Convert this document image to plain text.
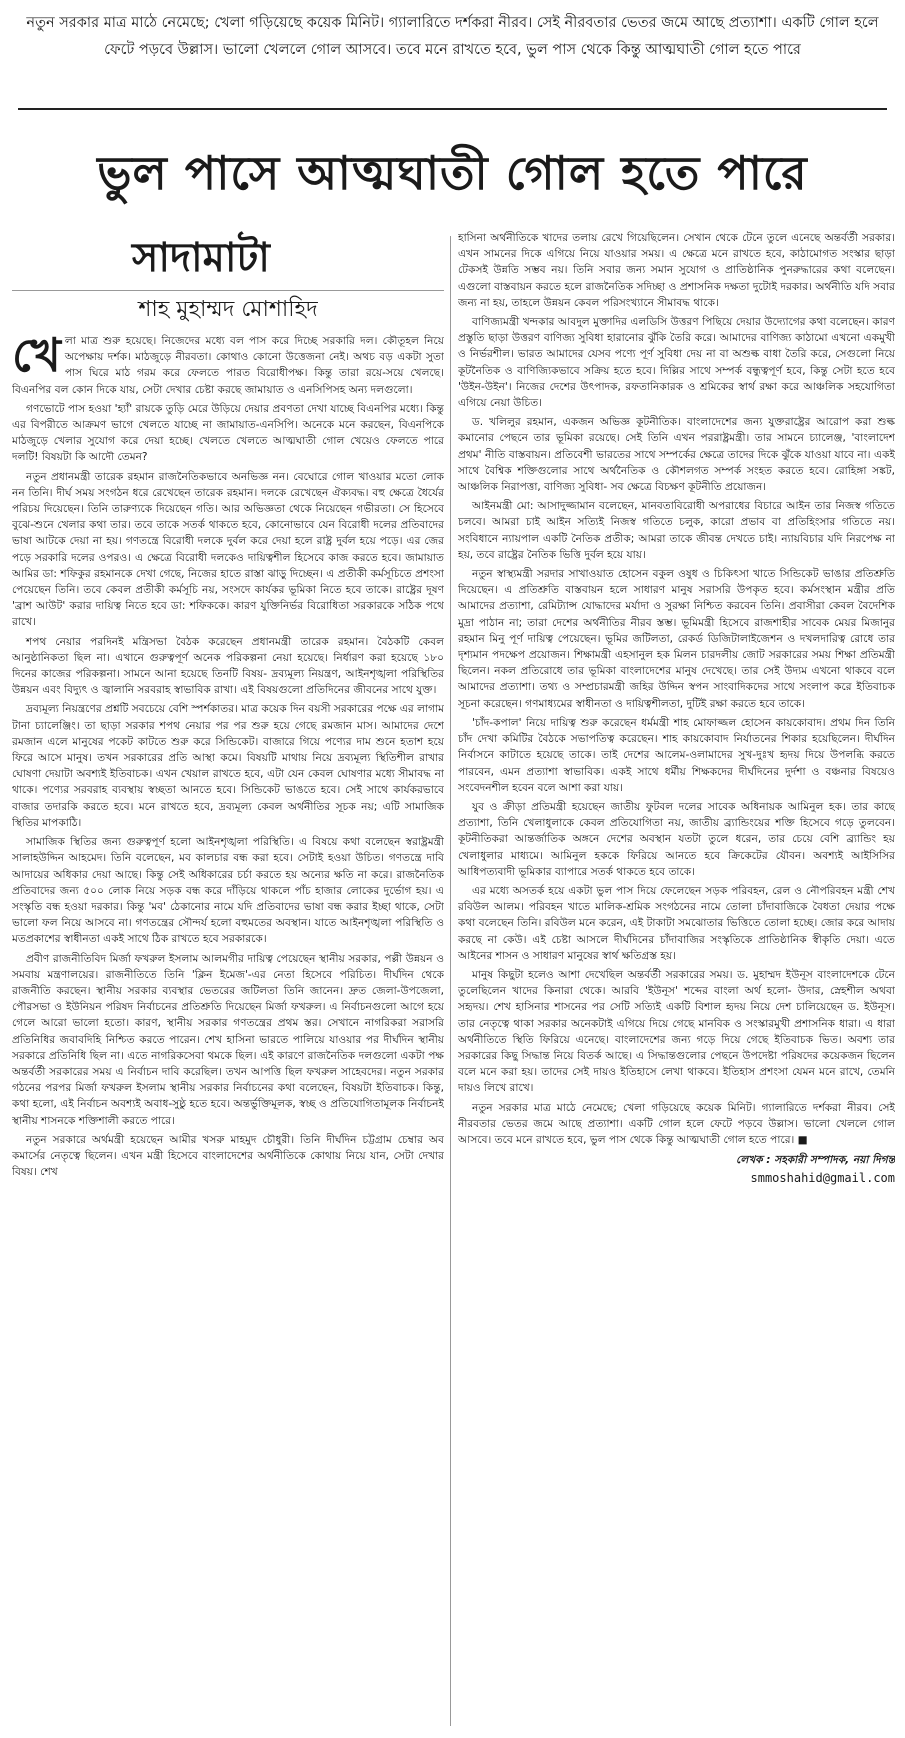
নতুন সরকার মাত্র মাঠে নেমেছে; খেলা গড়িয়েছে কয়েক মিনিট। গ্যালারিতে দর্শকরা নীরব। সেই নীরবতার ভেতর জমে আছে প্রত্যাশা। একটি গোল হলে ফেটে পড়বে উল্লাস। ভালো খেললে গোল আসবে। তবে মনে রাখতে হবে, ভুল পাস থেকে কিন্তু আত্মঘাতী গোল হতে পারে

ভুল পাসে আত্মঘাতী গোল হতে পারে
সাদামাটা
শাহ মুহাম্মদ মোশাহিদ

খেলা মাত্র শুরু হয়েছে। নিজেদের মধ্যে বল পাস করে দিচ্ছে সরকারি দল। কৌতূহল নিয়ে অপেক্ষায় দর্শক। মাঠজুড়ে নীরবতা। কোথাও কোনো উত্তেজনা নেই। অথচ বড় একটা সুতা পাস ঘিরে মাঠ গরম করে ফেলতে পারত বিরোধীপক্ষ। কিন্তু তারা রয়ে-সয়ে খেলছে। বিএনপির বল কোন দিকে যায়, সেটা দেখার চেষ্টা করছে জামায়াত ও এনসিপিসহ অন্য দলগুলো।

গণভোটে পাস হওয়া 'হ্যাঁ' রায়কে তুড়ি মেরে উড়িয়ে দেয়ার প্রবণতা দেখা যাচ্ছে বিএনপির মধ্যে। কিন্তু এর বিপরীতে আক্রমণ ভাগে খেলতে যাচ্ছে না জামায়াত-এনসিপি। অনেকে মনে করছেন, বিএনপিকে মাঠজুড়ে খেলার সুযোগ করে দেয়া হচ্ছে। খেলতে খেলতে আত্মঘাতী গোল খেয়েও ফেলতে পারে দলটি! বিষয়টা কি আদৌ তেমন?

নতুন প্রধানমন্ত্রী তারেক রহমান রাজনৈতিকভাবে অনভিজ্ঞ নন। বেঘোরে গোল খাওয়ার মতো লোক নন তিনি। দীর্ঘ সময় সংগঠন ধরে রেখেছেন তারেক রহমান। দলকে রেখেছেন ঐক্যবদ্ধ। বহু ক্ষেত্রে ধৈর্যের পরিচয় দিয়েছেন। তিনি তারুণ্যকে দিয়েছেন গতি। আর অভিজ্ঞতা থেকে নিয়েছেন গভীরতা। সে হিসেবে বুঝে-শুনে খেলার কথা তার। তবে তাকে সতর্ক থাকতে হবে, কোনোভাবে যেন বিরোধী দলের প্রতিবাদের ভাষা আটকে দেয়া না হয়। গণতন্ত্রে বিরোধী দলকে দুর্বল করে দেয়া হলে রাষ্ট্র দুর্বল হয়ে পড়ে। এর জের পড়ে সরকারি দলের ওপরও। এ ক্ষেত্রে বিরোধী দলকেও দায়িত্বশীল হিসেবে কাজ করতে হবে। জামায়াত আমির ডা: শফিকুর রহমানকে দেখা গেছে, নিজের হাতে রাস্তা ঝাড়ু দিচ্ছেন। এ প্রতীকী কর্মসূচিতে প্রশংসা পেয়েছেন তিনি। তবে কেবল প্রতীকী কর্মসূচি নয়, সংসদে কার্যকর ভূমিকা নিতে হবে তাকে। রাষ্ট্রের দূষণ 'ব্রাশ আউট' করার দায়িত্ব নিতে হবে ডা: শফিককে। কারণ যুক্তিনির্ভর বিরোধিতা সরকারকে সঠিক পথে রাখে।

শপথ নেয়ার পরদিনই মন্ত্রিসভা বৈঠক করেছেন প্রধানমন্ত্রী তারেক রহমান। বৈঠকটি কেবল আনুষ্ঠানিকতা ছিল না। এখানে গুরুত্বপূর্ণ অনেক পরিকল্পনা নেয়া হয়েছে। নির্ধারণ করা হয়েছে ১৮০ দিনের কাজের পরিকল্পনা। সামনে আনা হয়েছে তিনটি বিষয়- দ্রব্যমূল্য নিয়ন্ত্রণ, আইনশৃঙ্খলা পরিস্থিতির উন্নয়ন এবং বিদ্যুৎ ও জ্বালানি সরবরাহ স্বাভাবিক রাখা। এই বিষয়গুলো প্রতিদিনের জীবনের সাথে যুক্ত।

দ্রব্যমূল্য নিয়ন্ত্রণের প্রশ্নটি সবচেয়ে বেশি স্পর্শকাতর। মাত্র কয়েক দিন বয়সী সরকারের পক্ষে এর লাগাম টানা চ্যালেঞ্জিং। তা ছাড়া সরকার শপথ নেয়ার পর পর শুরু হয়ে গেছে রমজান মাস। আমাদের দেশে রমজান এলে মানুষের পকেট কাটতে শুরু করে সিন্ডিকেট। বাজারে গিয়ে পণ্যের দাম শুনে হতাশ হয়ে ফিরে আসে মানুষ। তখন সরকারের প্রতি আস্থা কমে। বিষয়টি মাথায় নিয়ে দ্রব্যমূল্য স্থিতিশীল রাখার ঘোষণা দেয়াটা অবশ্যই ইতিবাচক। এখন খেয়াল রাখতে হবে, এটা যেন কেবল ঘোষণার মধ্যে সীমাবদ্ধ না থাকে। পণ্যের সরবরাহ ব্যবস্থায় স্বচ্ছতা আনতে হবে। সিন্ডিকেট ভাঙতে হবে। সেই সাথে কার্যকরভাবে বাজার তদারকি করতে হবে। মনে রাখতে হবে, দ্রব্যমূল্য কেবল অর্থনীতির সূচক নয়; এটি সামাজিক স্থিতির মাপকাঠি।

সামাজিক স্থিতির জন্য গুরুত্বপূর্ণ হলো আইনশৃঙ্খলা পরিস্থিতি। এ বিষয়ে কথা বলেছেন স্বরাষ্ট্রমন্ত্রী সালাহউদ্দিন আহমেদ। তিনি বলেছেন, মব কালচার বন্ধ করা হবে। সেটাই হওয়া উচিত। গণতন্ত্রে দাবি আদায়ের অধিকার দেয়া আছে। কিন্তু সেই অধিকারের চর্চা করতে হয় অন্যের ক্ষতি না করে। রাজনৈতিক প্রতিবাদের জন্য ৫০০ লোক নিয়ে সড়ক বন্ধ করে দাঁড়িয়ে থাকলে পাঁচ হাজার লোকের দুর্ভোগ হয়। এ সংস্কৃতি বন্ধ হওয়া দরকার। কিন্তু 'মব' ঠেকানোর নামে যদি প্রতিবাদের ভাষা বন্ধ করার ইচ্ছা থাকে, সেটা ভালো ফল নিয়ে আসবে না। গণতন্ত্রের সৌন্দর্য হলো বহুমতের অবস্থান। যাতে আইনশৃঙ্খলা পরিস্থিতি ও মতপ্রকাশের স্বাধীনতা একই সাথে ঠিক রাখতে হবে সরকারকে।

প্রবীণ রাজনীতিবিদ মির্জা ফখরুল ইসলাম আলমগীর দায়িত্ব পেয়েছেন স্থানীয় সরকার, পল্লী উন্নয়ন ও সমবায় মন্ত্রণালয়ের। রাজনীতিতে তিনি 'ক্লিন ইমেজ'-এর নেতা হিসেবে পরিচিত। দীর্ঘদিন থেকে রাজনীতি করছেন। স্থানীয় সরকার ব্যবস্থার ভেতরের জটিলতা তিনি জানেন। দ্রুত জেলা-উপজেলা, পৌরসভা ও ইউনিয়ন পরিষদ নির্বাচনের প্রতিশ্রুতি দিয়েছেন মির্জা ফখরুল। এ নির্বাচনগুলো আগে হয়ে গেলে আরো ভালো হতো। কারণ, স্থানীয় সরকার গণতন্ত্রের প্রথম স্তর। সেখানে নাগরিকরা সরাসরি প্রতিনিধির জবাবদিহি নিশ্চিত করতে পারেন। শেখ হাসিনা ভারতে পালিয়ে যাওয়ার পর দীর্ঘদিন স্থানীয় সরকারে প্রতিনিধি ছিল না। এতে নাগরিকসেবা থমকে ছিল। এই কারণে রাজনৈতিক দলগুলো একটা পক্ষ অন্তর্বর্তী সরকারের সময় এ নির্বাচন দাবি করেছিল। তখন আপত্তি ছিল ফখরুল সাহেবদের। নতুন সরকার গঠনের পরপর মির্জা ফখরুল ইসলাম স্থানীয় সরকার নির্বাচনের কথা বলেছেন, বিষয়টা ইতিবাচক। কিন্তু, কথা হলো, এই নির্বাচন অবশ্যই অবাধ-সুষ্ঠু হতে হবে। অন্তর্ভুক্তিমূলক, স্বচ্ছ ও প্রতিযোগিতামূলক নির্বাচনই স্থানীয় শাসনকে শক্তিশালী করতে পারে।

নতুন সরকারে অর্থমন্ত্রী হয়েছেন আমীর খসরু মাহমুদ চৌধুরী। তিনি দীর্ঘদিন চট্টগ্রাম চেম্বার অব কমার্সের নেতৃত্বে ছিলেন। এখন মন্ত্রী হিসেবে বাংলাদেশের অর্থনীতিকে কোথায় নিয়ে যান, সেটা দেখার বিষয়। শেখ

হাসিনা অর্থনীতিকে খাদের তলায় রেখে গিয়েছিলেন। সেখান থেকে টেনে তুলে এনেছে অন্তর্বর্তী সরকার। এখন সামনের দিকে এগিয়ে নিয়ে যাওয়ার সময়। এ ক্ষেত্রে মনে রাখতে হবে, কাঠামোগত সংস্কার ছাড়া টেকসই উন্নতি সম্ভব নয়। তিনি সবার জন্য সমান সুযোগ ও প্রাতিষ্ঠানিক পুনরুদ্ধারের কথা বলেছেন। এগুলো বাস্তবায়ন করতে হলে রাজনৈতিক সদিচ্ছা ও প্রশাসনিক দক্ষতা দুটোই দরকার। অর্থনীতি যদি সবার জন্য না হয়, তাহলে উন্নয়ন কেবল পরিসংখ্যানে সীমাবদ্ধ থাকে।

বাণিজ্যমন্ত্রী খন্দকার আবদুল মুক্তাদির এলডিসি উত্তরণ পিছিয়ে দেয়ার উদ্যোগের কথা বলেছেন। কারণ প্রস্তুতি ছাড়া উত্তরণ বাণিজ্য সুবিধা হারানোর ঝুঁকি তৈরি করে। আমাদের বাণিজ্য কাঠামো এখনো একমুখী ও নির্ভরশীল। ভারত আমাদের যেসব পণ্যে পূর্ণ সুবিধা দেয় না বা অশুল্ক বাধা তৈরি করে, সেগুলো নিয়ে কূটনৈতিক ও বাণিজ্যিকভাবে সক্রিয় হতে হবে। দিল্লির সাথে সম্পর্ক বন্ধুত্বপূর্ণ হবে, কিন্তু সেটা হতে হবে 'উইন-উইন'। নিজের দেশের উৎপাদক, রফতানিকারক ও শ্রমিকের স্বার্থ রক্ষা করে আঞ্চলিক সহযোগিতা এগিয়ে নেয়া উচিত।

ড. খলিলুর রহমান, একজন অভিজ্ঞ কূটনীতিক। বাংলাদেশের জন্য যুক্তরাষ্ট্রের আরোপ করা শুল্ক কমানোর পেছনে তার ভূমিকা রয়েছে। সেই তিনি এখন পররাষ্ট্রমন্ত্রী। তার সামনে চ্যালেঞ্জ, 'বাংলাদেশ প্রথম' নীতি বাস্তবায়ন। প্রতিবেশী ভারতের সাথে সম্পর্কের ক্ষেত্রে তাদের দিকে ঝুঁকে যাওয়া যাবে না। একই সাথে বৈশ্বিক শক্তিগুলোর সাথে অর্থনৈতিক ও কৌশলগত সম্পর্ক সংহত করতে হবে। রোহিঙ্গা সঙ্কট, আঞ্চলিক নিরাপত্তা, বাণিজ্য সুবিধা- সব ক্ষেত্রে বিচক্ষণ কূটনীতি প্রয়োজন।

আইনমন্ত্রী মো: আসাদুজ্জামান বলেছেন, মানবতাবিরোধী অপরাধের বিচারে আইন তার নিজস্ব গতিতে চলবে। আমরা চাই আইন সত্যিই নিজস্ব গতিতে চলুক, কারো প্রভাব বা প্রতিহিংসার গতিতে নয়। সংবিধানে ন্যায়পাল একটি নৈতিক প্রতীক; আমরা তাকে জীবন্ত দেখতে চাই। ন্যায়বিচার যদি নিরপেক্ষ না হয়, তবে রাষ্ট্রের নৈতিক ভিত্তি দুর্বল হয়ে যায়।

নতুন স্বাস্থ্যমন্ত্রী সরদার সাখাওয়াত হোসেন বকুল ওষুধ ও চিকিৎসা খাতে সিন্ডিকেট ভাঙার প্রতিশ্রুতি দিয়েছেন। এ প্রতিশ্রুতি বাস্তবায়ন হলে সাধারণ মানুষ সরাসরি উপকৃত হবে। কর্মসংস্থান মন্ত্রীর প্রতি আমাদের প্রত্যাশা, রেমিট্যান্স যোদ্ধাদের মর্যাদা ও সুরক্ষা নিশ্চিত করবেন তিনি। প্রবাসীরা কেবল বৈদেশিক মুদ্রা পাঠান না; তারা দেশের অর্থনীতির নীরব স্তম্ভ। ভূমিমন্ত্রী হিসেবে রাজশাহীর সাবেক মেয়র মিজানুর রহমান মিনু পূর্ণ দায়িত্ব পেয়েছেন। ভূমির জটিলতা, রেকর্ড ডিজিটালাইজেশন ও দখলদারিত্ব রোধে তার দৃশ্যমান পদক্ষেপ প্রয়োজন। শিক্ষামন্ত্রী এহসানুল হক মিলন চারদলীয় জোট সরকারের সময় শিক্ষা প্রতিমন্ত্রী ছিলেন। নকল প্রতিরোধে তার ভূমিকা বাংলাদেশের মানুষ দেখেছে। তার সেই উদ্যম এখনো থাকবে বলে আমাদের প্রত্যাশা। তথ্য ও সম্প্রচারমন্ত্রী জহির উদ্দিন স্বপন সাংবাদিকদের সাথে সংলাপ করে ইতিবাচক সূচনা করেছেন। গণমাধ্যমের স্বাধীনতা ও দায়িত্বশীলতা, দুটিই রক্ষা করতে হবে তাকে।

'চাঁদ-কপাল' নিয়ে দায়িত্ব শুরু করেছেন ধর্মমন্ত্রী শাহ মোফাজ্জল হোসেন কায়কোবাদ। প্রথম দিন তিনি চাঁদ দেখা কমিটির বৈঠকে সভাপতিত্ব করেছেন। শাহ কায়কোবাদ নির্যাতনের শিকার হয়েছিলেন। দীর্ঘদিন নির্বাসনে কাটাতে হয়েছে তাকে। তাই দেশের আলেম-ওলামাদের সুখ-দুঃখ হৃদয় দিয়ে উপলব্ধি করতে পারবেন, এমন প্রত্যাশা স্বাভাবিক। একই সাথে ধর্মীয় শিক্ষকদের দীর্ঘদিনের দুর্দশা ও বঞ্চনার বিষয়েও সংবেদনশীল হবেন বলে আশা করা যায়।

যুব ও ক্রীড়া প্রতিমন্ত্রী হয়েছেন জাতীয় ফুটবল দলের সাবেক অধিনায়ক আমিনুল হক। তার কাছে প্রত্যাশা, তিনি খেলাধুলাকে কেবল প্রতিযোগিতা নয়, জাতীয় ব্র্যান্ডিংয়ের শক্তি হিসেবে গড়ে তুলবেন। কূটনীতিকরা আন্তর্জাতিক অঙ্গনে দেশের অবস্থান যতটা তুলে ধরেন, তার চেয়ে বেশি ব্র্যান্ডিং হয় খেলাধুলার মাধ্যমে। আমিনুল হককে ফিরিয়ে আনতে হবে ক্রিকেটের যৌবন। অবশ্যই আইসিসির আধিপত্যবাদী ভূমিকার ব্যাপারে সতর্ক থাকতে হবে তাকে।

এর মধ্যে অসতর্ক হয়ে একটা ভুল পাস দিয়ে ফেলেছেন সড়ক পরিবহন, রেল ও নৌপরিবহন মন্ত্রী শেখ রবিউল আলম। পরিবহন খাতে মালিক-শ্রমিক সংগঠনের নামে তোলা চাঁদাবাজিকে বৈধতা দেয়ার পক্ষে কথা বলেছেন তিনি। রবিউল মনে করেন, এই টাকাটা সমঝোতার ভিত্তিতে তোলা হচ্ছে। জোর করে আদায় করছে না কেউ। এই চেষ্টা আসলে দীর্ঘদিনের চাঁদাবাজির সংস্কৃতিকে প্রাতিষ্ঠানিক স্বীকৃতি দেয়া। এতে আইনের শাসন ও সাধারণ মানুষের স্বার্থ ক্ষতিগ্রস্ত হয়।

মানুষ কিছুটা হলেও আশা দেখেছিল অন্তর্বর্তী সরকারের সময়। ড. মুহাম্মদ ইউনূস বাংলাদেশকে টেনে তুলেছিলেন খাদের কিনারা থেকে। আরবি 'ইউনূস' শব্দের বাংলা অর্থ হলো- উদার, স্নেহশীল অথবা সহৃদয়। শেখ হাসিনার শাসনের পর সেটি সত্যিই একটি বিশাল হৃদয় নিয়ে দেশ চালিয়েছেন ড. ইউনূস। তার নেতৃত্বে থাকা সরকার অনেকটাই এগিয়ে দিয়ে গেছে মানবিক ও সংস্কারমুখী প্রশাসনিক ধারা। এ ধারা অর্থনীতিতে স্থিতি ফিরিয়ে এনেছে। বাংলাদেশের জন্য গড়ে দিয়ে গেছে ইতিবাচক ভিত। অবশ্য তার সরকারের কিছু সিদ্ধান্ত নিয়ে বিতর্ক আছে। এ সিদ্ধান্তগুলোর পেছনে উপদেষ্টা পরিষদের কয়েকজন ছিলেন বলে মনে করা হয়। তাদের সেই দায়ও ইতিহাসে লেখা থাকবে। ইতিহাস প্রশংসা যেমন মনে রাখে, তেমনি দায়ও লিখে রাখে।

নতুন সরকার মাত্র মাঠে নেমেছে; খেলা গড়িয়েছে কয়েক মিনিট। গ্যালারিতে দর্শকরা নীরব। সেই নীরবতার ভেতর জমে আছে প্রত্যাশা। একটি গোল হলে ফেটে পড়বে উল্লাস। ভালো খেললে গোল আসবে। তবে মনে রাখতে হবে, ভুল পাস থেকে কিন্তু আত্মঘাতী গোল হতে পারে। ■

লেখক : সহকারী সম্পাদক, নয়া দিগন্ত
smmoshahid@gmail.com
